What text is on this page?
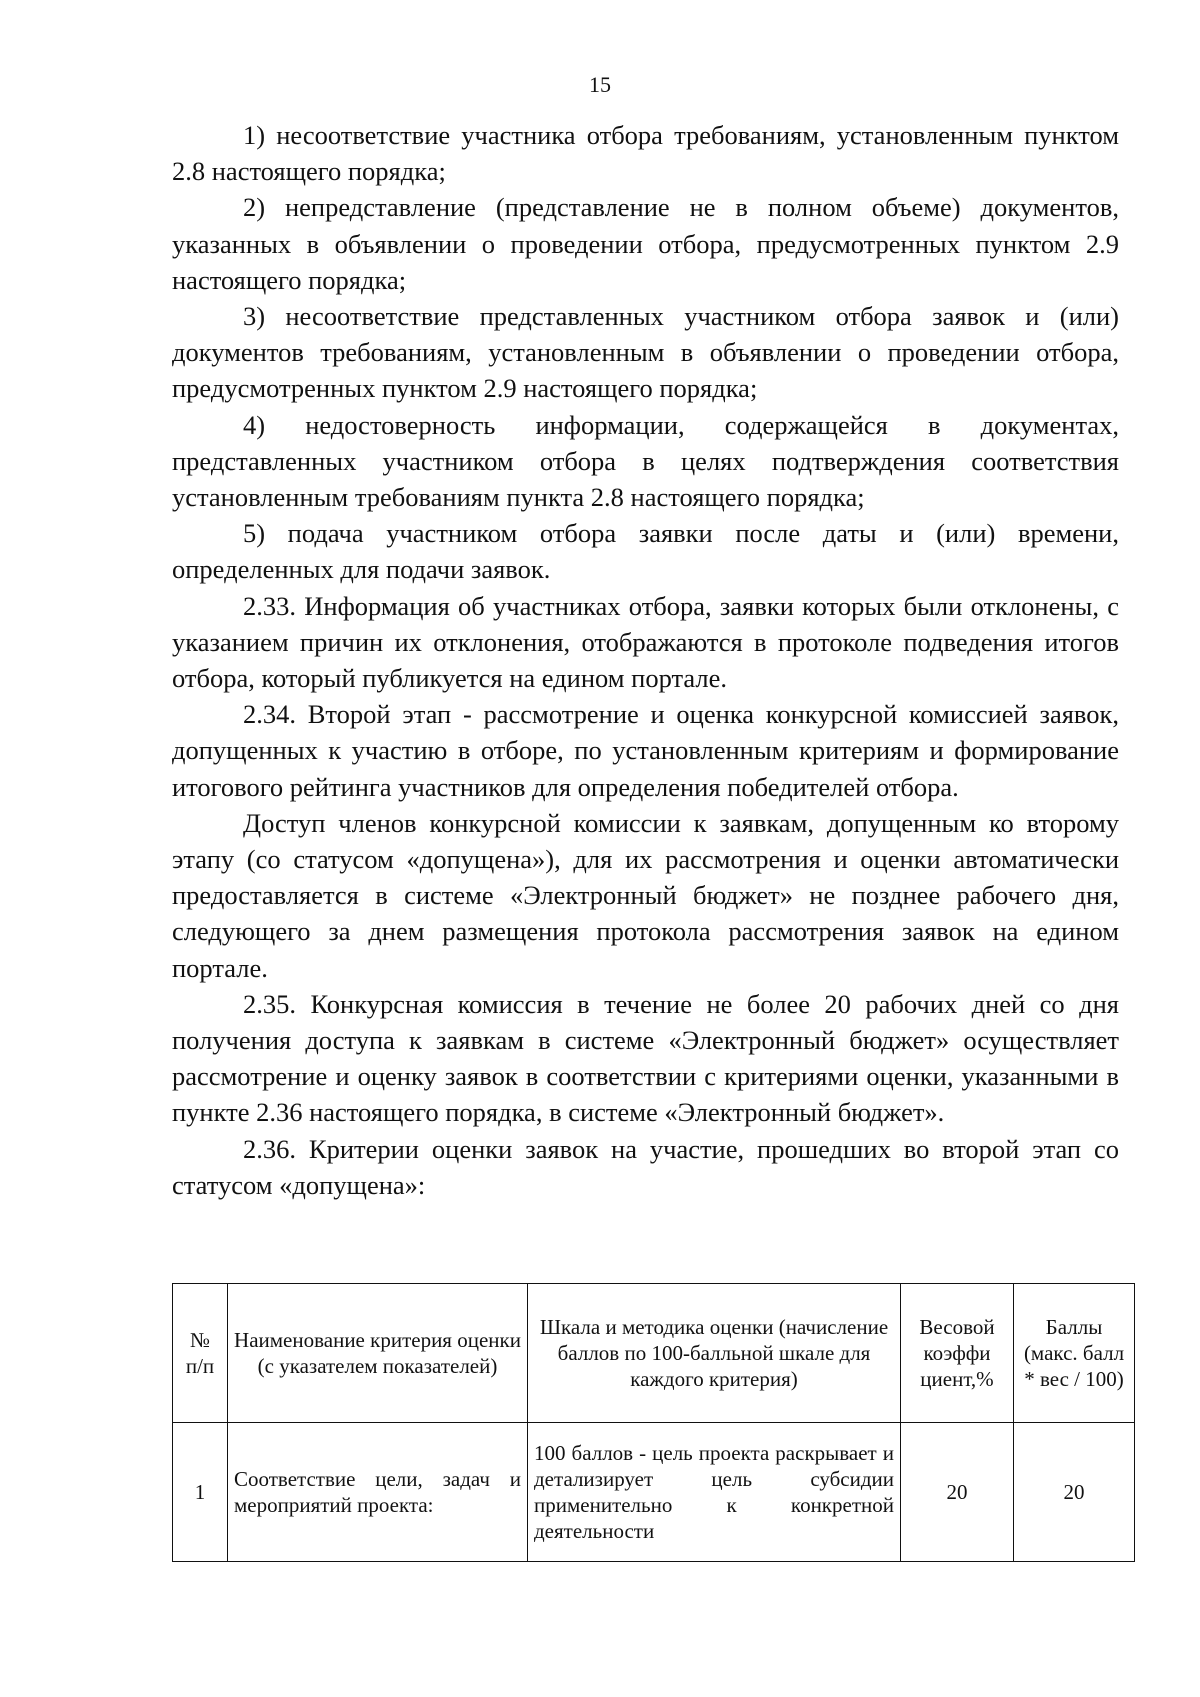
15

1) несоответствие участника отбора требованиям, установленным пунктом 2.8 настоящего порядка;

2) непредставление (представление не в полном объеме) документов, указанных в объявлении о проведении отбора, предусмотренных пунктом 2.9 настоящего порядка;

3) несоответствие представленных участником отбора заявок и (или) документов требованиям, установленным в объявлении о проведении отбора, предусмотренных пунктом 2.9 настоящего порядка;

4) недостоверность информации, содержащейся в документах, представленных участником отбора в целях подтверждения соответствия установленным требованиям пункта 2.8 настоящего порядка;

5) подача участником отбора заявки после даты и (или) времени, определенных для подачи заявок.

2.33. Информация об участниках отбора, заявки которых были отклонены, с указанием причин их отклонения, отображаются в протоколе подведения итогов отбора, который публикуется на едином портале.

2.34. Второй этап - рассмотрение и оценка конкурсной комиссией заявок, допущенных к участию в отборе, по установленным критериям и формирование итогового рейтинга участников для определения победителей отбора.

Доступ членов конкурсной комиссии к заявкам, допущенным ко второму этапу (со статусом «допущена»), для их рассмотрения и оценки автоматически предоставляется в системе «Электронный бюджет» не позднее рабочего дня, следующего за днем размещения протокола рассмотрения заявок на едином портале.

2.35. Конкурсная комиссия в течение не более 20 рабочих дней со дня получения доступа к заявкам в системе «Электронный бюджет» осуществляет рассмотрение и оценку заявок в соответствии с критериями оценки, указанными в пункте 2.36 настоящего порядка, в системе «Электронный бюджет».

2.36. Критерии оценки заявок на участие, прошедших во второй этап со статусом «допущена»:

№ п/п	Наименование критерия оценки (с указателем показателей)	Шкала и методика оценки (начисление баллов по 100-балльной шкале для каждого критерия)	Весовой коэффи циент,%	Баллы (макс. балл * вес / 100)
1	Соответствие цели, задач и мероприятий проекта:	100 баллов - цель проекта раскрывает и детализирует цель субсидии применительно к конкретной деятельности	20	20
